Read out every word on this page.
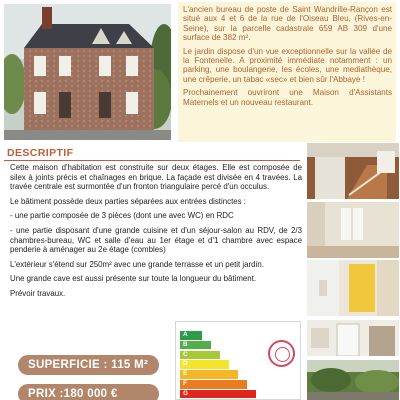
L'ancien bureau de poste de Saint Wandrille-Rançon est situé aux 4 et 6 de la rue de l'Oiseau Bleu, (Rives-en-Seine), sur la parcelle cadastrale 659 AB 309 d'une surface de 382 m².

Le jardin dispose d'un vue exceptionnelle sur la vallée de la Fontenelle. A proximité immédiate notamment : un parking, une boulangerie, les écoles, une mediathèque, une crêperie, un tabac «sec» et bien sûr l'Abbaye !

Prochainement ouvriront une Maison d'Assistants Maternels et un nouveau restaurant.

DESCRIPTIF

Cette maison d'habitation est construite sur deux étages. Elle est composée de silex à joints précis et chaînages en brique. La façade est divisée en 4 travées. La travée centrale est surmontée d'un fronton triangulaire percé d'un occulus.

Le bâtiment possède deux parties séparées aux entrées distinctes :

- une partie composée de 3 pièces (dont une avec WC) en RDC

- une partie disposant d'une grande cuisine et d'un séjour-salon au RDV, de 2/3 chambres-bureau, WC et salle d'eau au 1er étage et d'1 chambre avec espace penderie à aménager au 2e étage (combles)

L'extérieur s'étend sur 250m² avec une grande terrasse et un petit jardin.

Une grande cave est aussi présente sur toute la longueur du bâtiment.

Prévoir travaux.

SUPERFICIE : 115 M²
PRIX :180 000 €
A
B
C
D
E
F
G
